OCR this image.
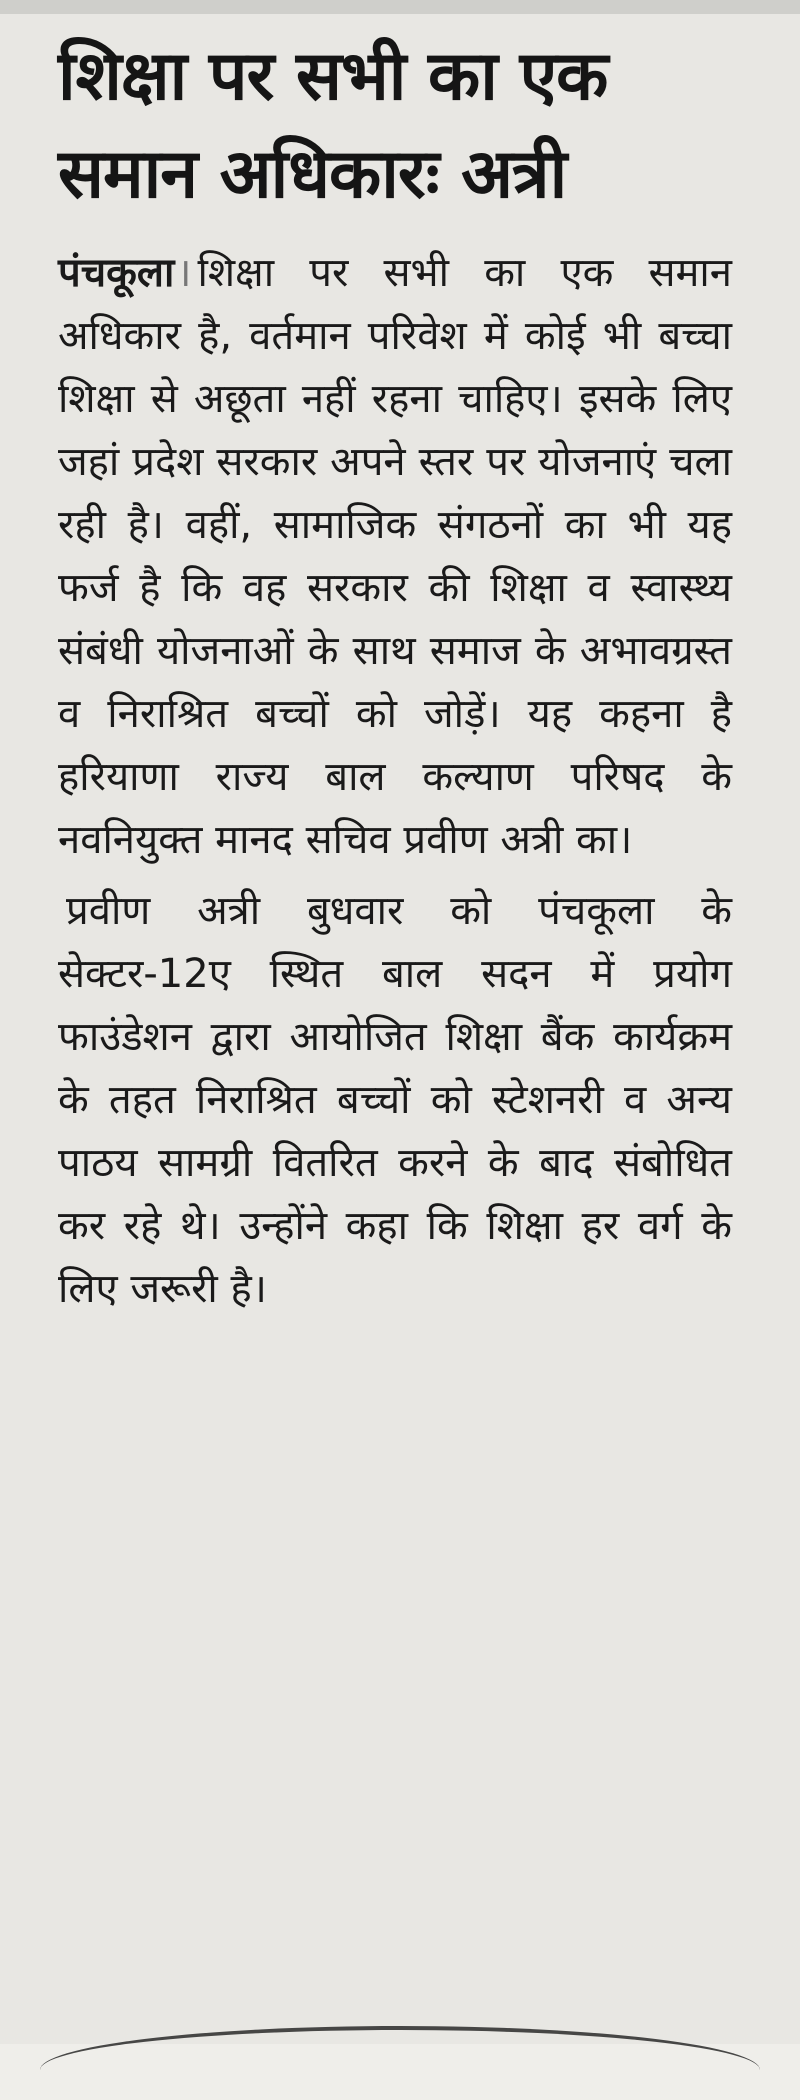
शिक्षा पर सभी का एक
समान अधिकारः अत्री

पंचकूला। शिक्षा पर सभी का एक समान अधिकार है, वर्तमान परिवेश में कोई भी बच्चा शिक्षा से अछूता नहीं रहना चाहिए। इसके लिए जहां प्रदेश सरकार अपने स्तर पर योजनाएं चला रही है। वहीं, सामाजिक संगठनों का भी यह फर्ज है कि वह सरकार की शिक्षा व स्वास्थ्य संबंधी योजनाओं के साथ समाज के अभावग्रस्त व निराश्रित बच्चों को जोड़ें। यह कहना है हरियाणा राज्य बाल कल्याण परिषद के नवनियुक्त मानद सचिव प्रवीण अत्री का।

प्रवीण अत्री बुधवार को पंचकूला के सेक्टर-12ए स्थित बाल सदन में प्रयोग फाउंडेशन द्वारा आयोजित शिक्षा बैंक कार्यक्रम के तहत निराश्रित बच्चों को स्टेशनरी व अन्य पाठय सामग्री वितरित करने के बाद संबोधित कर रहे थे। उन्होंने कहा कि शिक्षा हर वर्ग के लिए जरूरी है।
